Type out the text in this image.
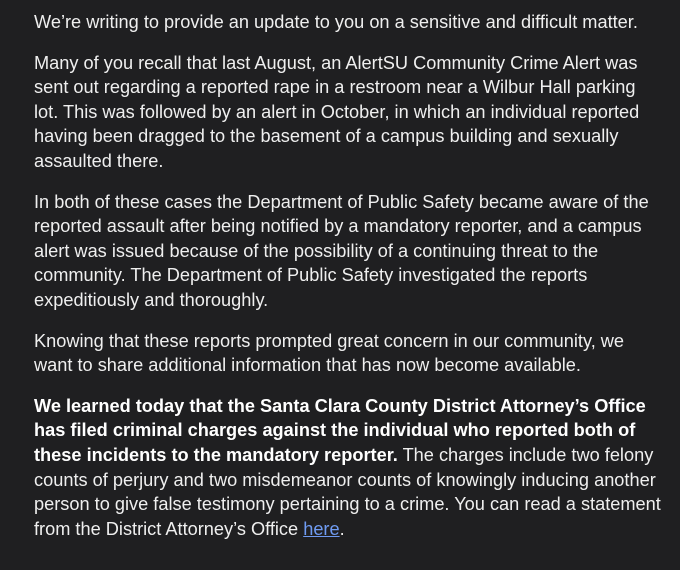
We’re writing to provide an update to you on a sensitive and difficult matter.

Many of you recall that last August, an AlertSU Community Crime Alert was sent out regarding a reported rape in a restroom near a Wilbur Hall parking lot. This was followed by an alert in October, in which an individual reported having been dragged to the basement of a campus building and sexually assaulted there.

In both of these cases the Department of Public Safety became aware of the reported assault after being notified by a mandatory reporter, and a campus alert was issued because of the possibility of a continuing threat to the community. The Department of Public Safety investigated the reports expeditiously and thoroughly.

Knowing that these reports prompted great concern in our community, we want to share additional information that has now become available.

We learned today that the Santa Clara County District Attorney’s Office has filed criminal charges against the individual who reported both of these incidents to the mandatory reporter. The charges include two felony counts of perjury and two misdemeanor counts of knowingly inducing another person to give false testimony pertaining to a crime. You can read a statement from the District Attorney’s Office here.
